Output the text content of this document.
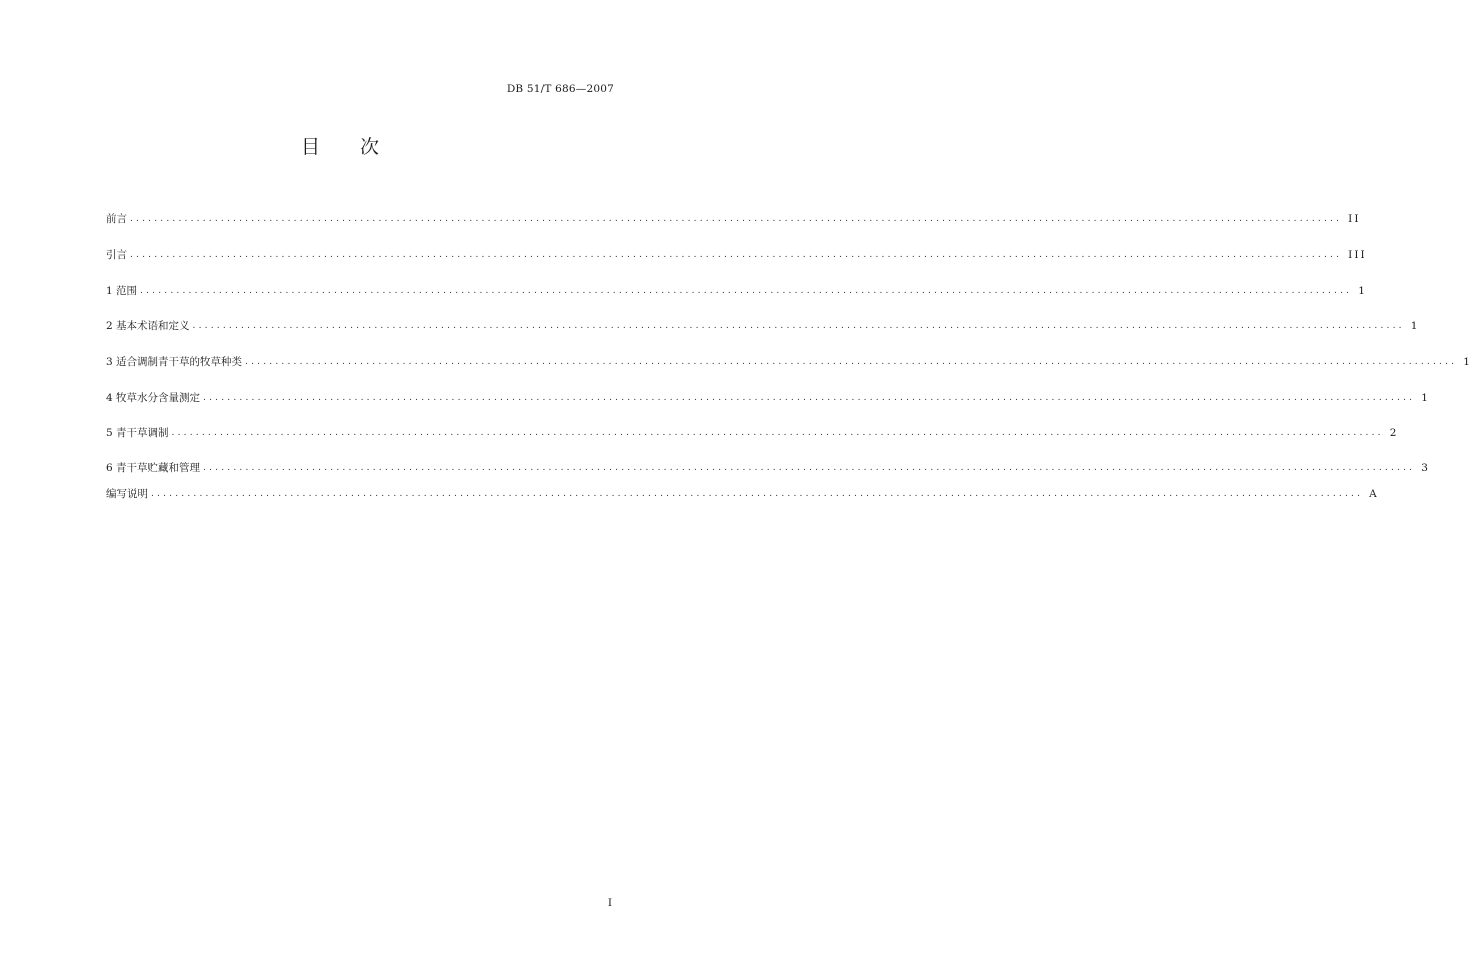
DB 51/T 686—2007
目次
前言 ........................................................................................................................................................................................................ II
引言 ........................................................................................................................................................................................................ III
1 范围 ........................................................................................................................................................................................................ 1
2 基本术语和定义 ........................................................................................................................................................................................................ 1
3 适合调制青干草的牧草种类 ........................................................................................................................................................................................................ 1
4 牧草水分含量测定 ........................................................................................................................................................................................................ 1
5 青干草调制 ........................................................................................................................................................................................................ 2
6 青干草贮藏和管理 ........................................................................................................................................................................................................ 3
编写说明 ........................................................................................................................................................................................................ A
I
